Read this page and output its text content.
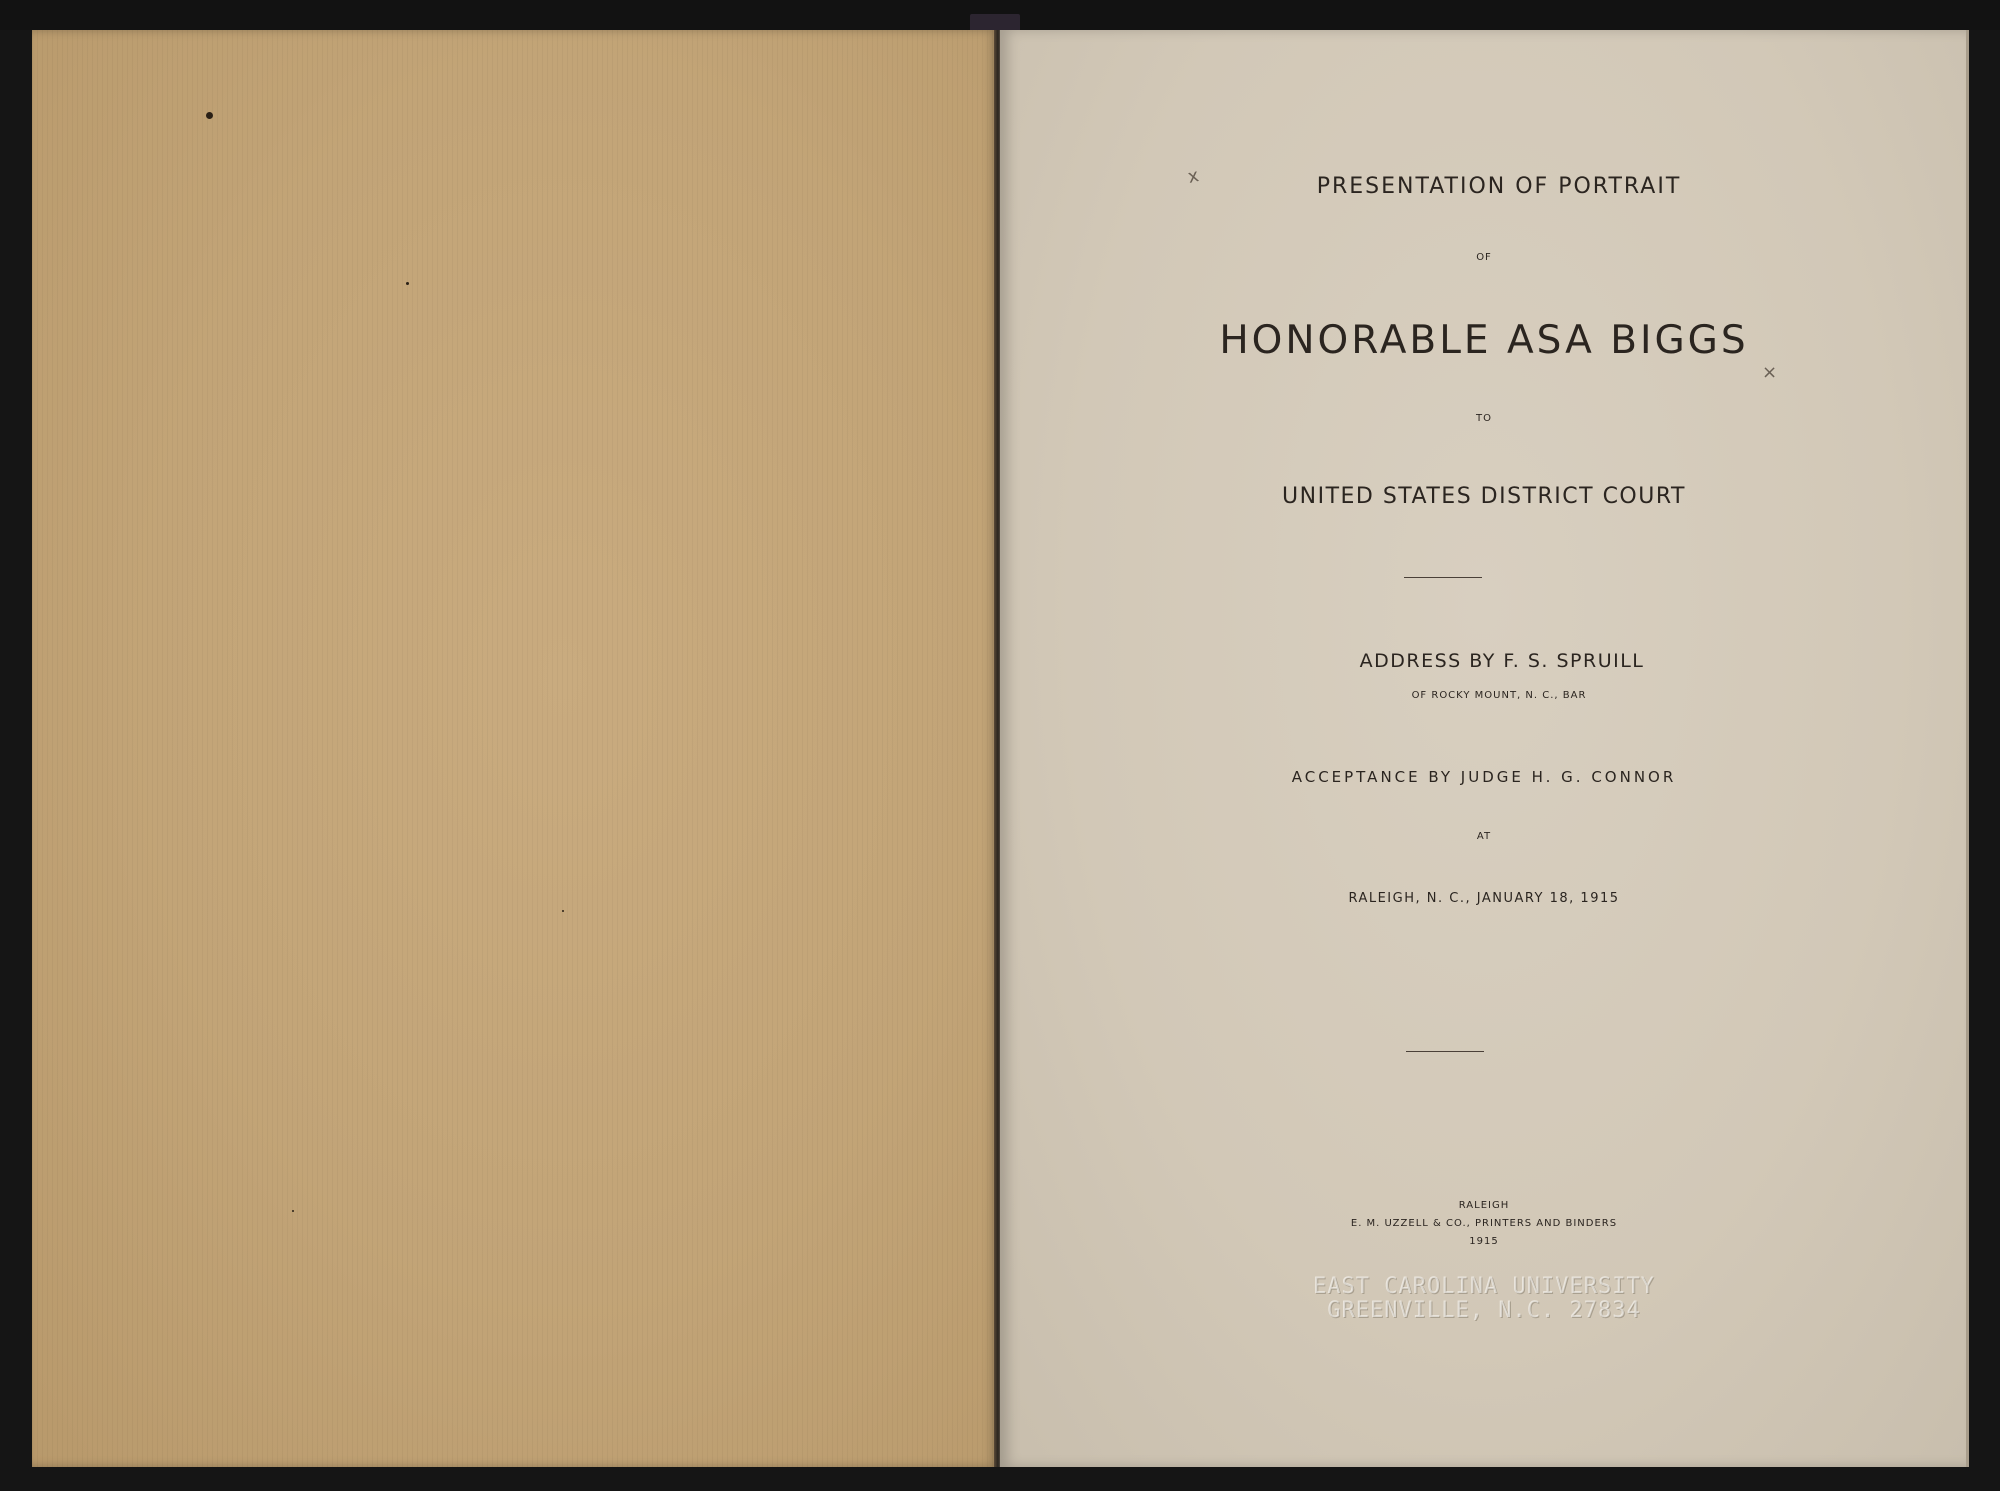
PRESENTATION OF PORTRAIT
OF
HONORABLE ASA BIGGS
TO
UNITED STATES DISTRICT COURT
ADDRESS BY F. S. SPRUILL
OF ROCKY MOUNT, N. C., BAR
ACCEPTANCE BY JUDGE H. G. CONNOR
AT
RALEIGH, N. C., JANUARY 18, 1915
EAST CAROLINA UNIVERSITY
GREENVILLE, N.C. 27834
RALEIGH
E. M. UZZELL & CO., PRINTERS AND BINDERS
1915
x
×
